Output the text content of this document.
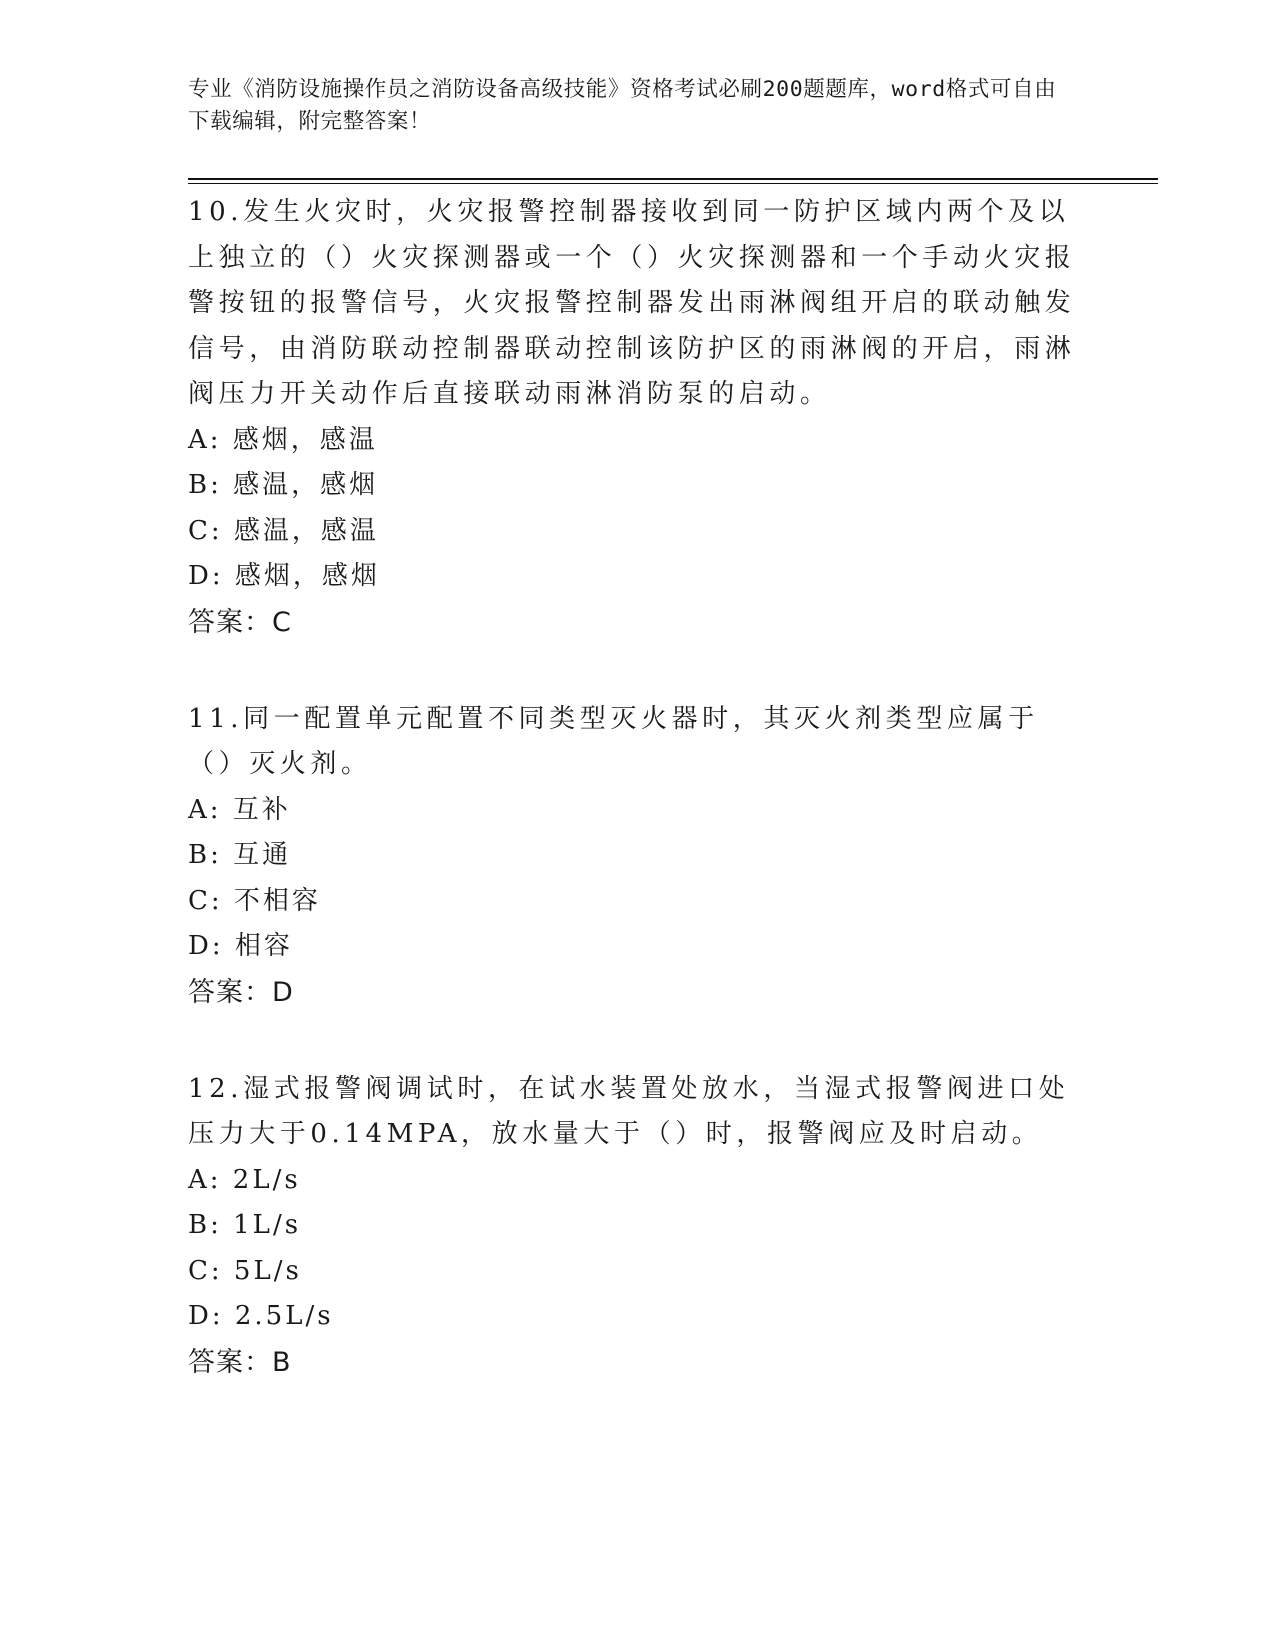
专业《消防设施操作员之消防设备高级技能》资格考试必刷200题题库，word格式可自由下载编辑，附完整答案！
10.发生火灾时，火灾报警控制器接收到同一防护区域内两个及以上独立的（）火灾探测器或一个（）火灾探测器和一个手动火灾报警按钮的报警信号，火灾报警控制器发出雨淋阀组开启的联动触发信号，由消防联动控制器联动控制该防护区的雨淋阀的开启，雨淋阀压力开关动作后直接联动雨淋消防泵的启动。
A: 感烟，感温
B: 感温，感烟
C: 感温，感温
D: 感烟，感烟
答案：C
11.同一配置单元配置不同类型灭火器时，其灭火剂类型应属于（）灭火剂。
A: 互补
B: 互通
C: 不相容
D: 相容
答案：D
12.湿式报警阀调试时，在试水装置处放水，当湿式报警阀进口处压力大于0.14MPA，放水量大于（）时，报警阀应及时启动。
A: 2L/s
B: 1L/s
C: 5L/s
D: 2.5L/s
答案：B
